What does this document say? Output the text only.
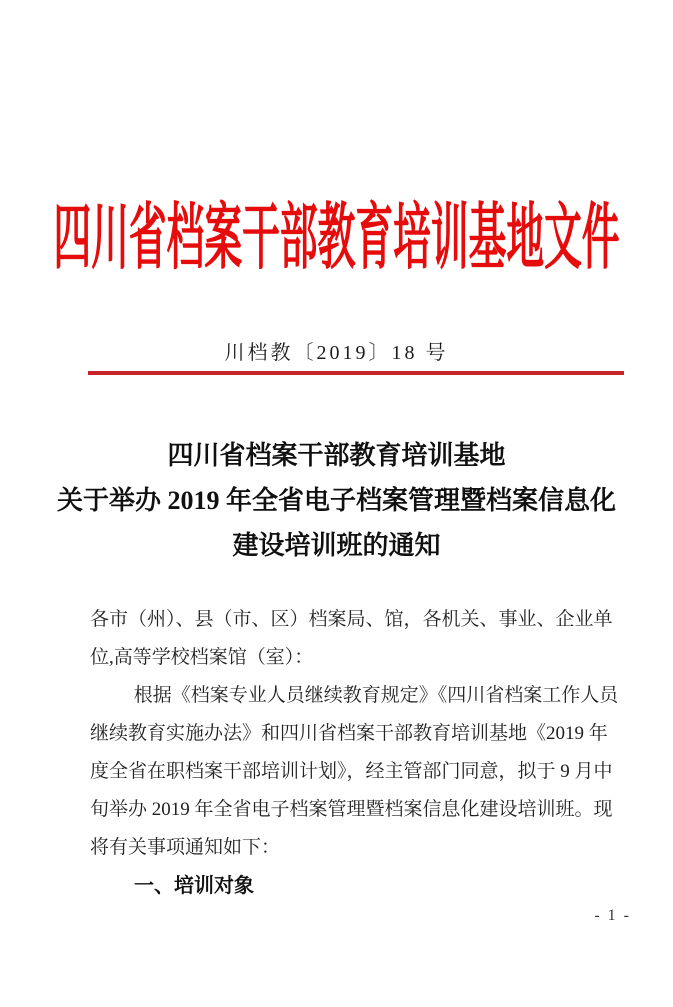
四川省档案干部教育培训基地文件
川档教〔2019〕18 号
四川省档案干部教育培训基地
关于举办 2019 年全省电子档案管理暨档案信息化
建设培训班的通知
各市（州）、县（市、区）档案局、馆，各机关、事业、企业单
位,高等学校档案馆（室）：
根据《档案专业人员继续教育规定》《四川省档案工作人员
继续教育实施办法》和四川省档案干部教育培训基地《2019 年
度全省在职档案干部培训计划》，经主管部门同意，拟于 9 月中
旬举办 2019 年全省电子档案管理暨档案信息化建设培训班。现
将有关事项通知如下：
一、培训对象
- 1 -
